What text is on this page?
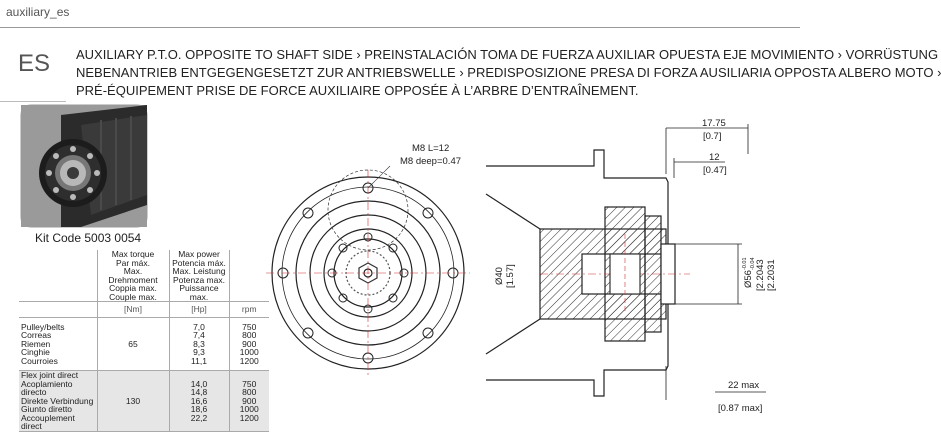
auxiliary_es
ES AUXILIARY P.T.O. OPPOSITE TO SHAFT SIDE › PREINSTALACIÓN TOMA DE FUERZA AUXILIAR OPUESTA EJE MOVIMIENTO › VORRÜSTUNG
NEBENANTRIEB ENTGEGENGESETZT ZUR ANTRIEBSWELLE › PREDISPOSIZIONE PRESA DI FORZA AUSILIARIA OPPOSTA ALBERO MOTO ›
PRÉ-ÉQUIPEMENT PRISE DE FORCE AUXILIAIRE OPPOSÉE À L’ARBRE D’ENTRAÎNEMENT.
Kit Code 5003 0054

	Max torque
Par máx.
Max. Drehmoment
Coppia max.
Couple max.	Max power
Potencia máx.
Max. Leistung
Potenza max.
Puissance max.	

	[Nm]	[Hp]	rpm

Pulley/belts
Correas
Riemen
Cinghie
Courroies	65	7,0
7,4
8,3
9,3
11,1	750
800
900
1000
1200

Flex joint direct
Acoplamiento directo
Direkte Verbindung
Giunto diretto
Accouplement direct	130	14,0
14,8
16,6
18,6
22,2	750
800
900
1000
1200
M8 L=12
M8 deep=0.47
17.75
[0.7]
12
[0.47]
Ø40 [1.57]	Ø56
-0.01 -0.04 [2.2043 [2.2031
22 max
[0.87 max]
